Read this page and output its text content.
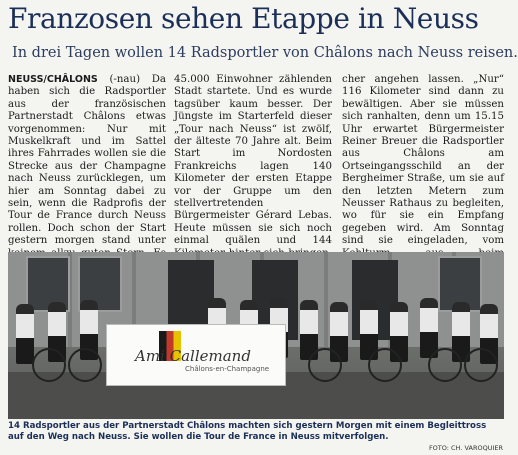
Franzosen sehen Etappe in Neuss
In drei Tagen wollen 14 Radsportler von Châlons nach Neuss reisen.

NEUSS/CHÂLONS (-nau) Da haben sich die Radsportler aus der französischen Partnerstadt Châlons etwas vorgenommen: Nur mit Muskelkraft und im Sattel ihres Fahrrades wollen sie die Strecke aus der Champagne nach Neuss zurücklegen, um hier am Sonntag dabei zu sein, wenn die Radprofis der Tour de France durch Neuss rollen. Doch schon der Start gestern morgen stand unter

45.000 Einwohner zählenden Stadt startete. Und es wurde tagsüber kaum besser. Der Jüngste im Starterfeld dieser „Tour nach Neuss“ ist zwölf, der älteste 70 Jahre alt. Beim Start im Nordosten Frankreichs lagen 140 Kilometer der ersten Etappe vor der Gruppe um den stellvertretenden Bürgermeister Gérard Lebas. Heute müssen sie sich noch einmal quälen und 144

cher angehen lassen. „Nur“ 116 Kilometer sind dann zu bewältigen. Aber sie müssen sich ranhalten, denn um 15.15 Uhr erwartet Bürgermeister Reiner Breuer die Radsportler aus Châlons am Ortseingangsschild an der Bergheimer Straße, um sie auf den letzten Metern zum Neusser Rathaus zu begleiten, wo für sie ein Empfang gegeben wird. Am Sonntag sind sie eingeladen, vom

Ami Callemand
Châlons-en-Champagne
14 Radsportler aus der Partnerstadt Châlons machten sich gestern Morgen mit einem Begleittross auf den Weg nach Neuss. Sie wollen die Tour de France in Neuss mitverfolgen.
FOTO: CH. VAROQUIER
